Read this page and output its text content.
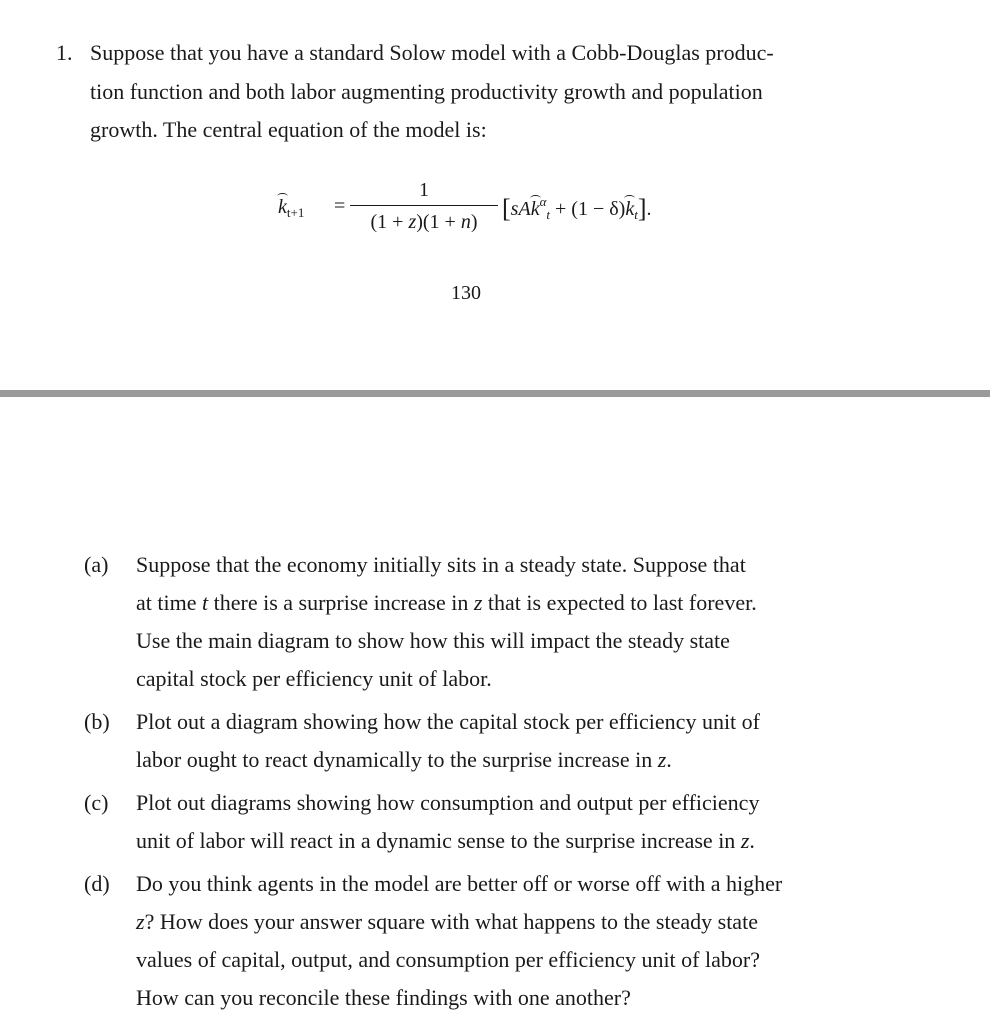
1. Suppose that you have a standard Solow model with a Cobb-Douglas produc-
tion function and both labor augmenting productivity growth and population
growth. The central equation of the model is:
$k_{t+1}$ =
1
(1 + z)(1 + n) $[sAk^\alpha_t + (1 - \delta)k_t]$.
130
(a) Suppose that the economy initially sits in a steady state. Suppose that
at time t there is a surprise increase in z that is expected to last forever.
Use the main diagram to show how this will impact the steady state
capital stock per efficiency unit of labor.
(b) Plot out a diagram showing how the capital stock per efficiency unit of
labor ought to react dynamically to the surprise increase in z.
(c) Plot out diagrams showing how consumption and output per efficiency
unit of labor will react in a dynamic sense to the surprise increase in z.
(d) Do you think agents in the model are better off or worse off with a higher
z? How does your answer square with what happens to the steady state
values of capital, output, and consumption per efficiency unit of labor?
How can you reconcile these findings with one another?
